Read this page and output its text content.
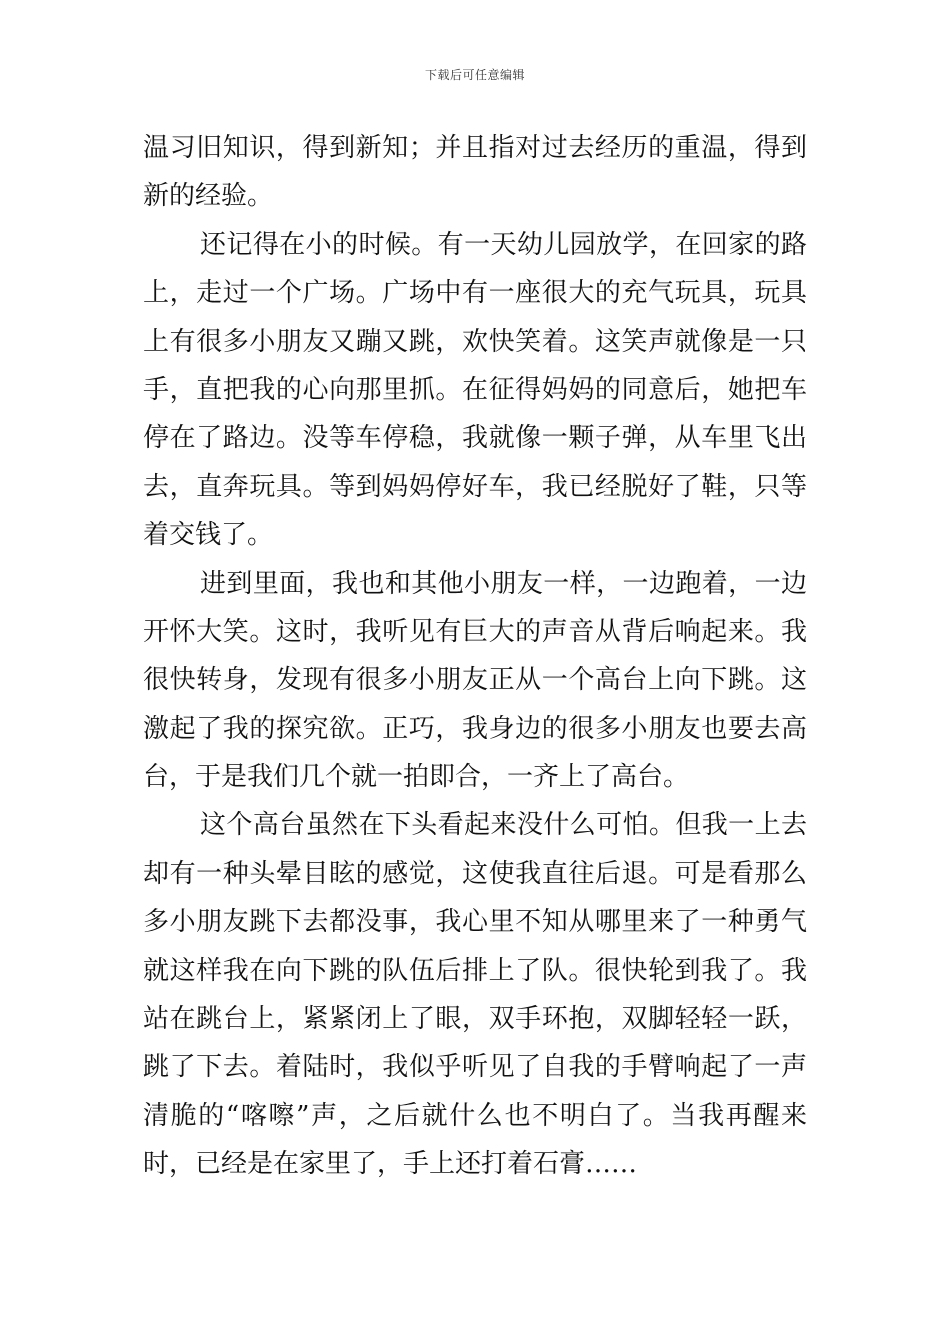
下载后可任意编辑
温习旧知识，得到新知；并且指对过去经历的重温，得到
新的经验。
还记得在小的时候。有一天幼儿园放学，在回家的路
上，走过一个广场。广场中有一座很大的充气玩具，玩具
上有很多小朋友又蹦又跳，欢快笑着。这笑声就像是一只
手，直把我的心向那里抓。在征得妈妈的同意后，她把车
停在了路边。没等车停稳，我就像一颗子弹，从车里飞出
去，直奔玩具。等到妈妈停好车，我已经脱好了鞋，只等
着交钱了。
进到里面，我也和其他小朋友一样，一边跑着，一边
开怀大笑。这时，我听见有巨大的声音从背后响起来。我
很快转身，发现有很多小朋友正从一个高台上向下跳。这
激起了我的探究欲。正巧，我身边的很多小朋友也要去高
台，于是我们几个就一拍即合，一齐上了高台。
这个高台虽然在下头看起来没什么可怕。但我一上去
却有一种头晕目眩的感觉，这使我直往后退。可是看那么
多小朋友跳下去都没事，我心里不知从哪里来了一种勇气
就这样我在向下跳的队伍后排上了队。很快轮到我了。我
站在跳台上，紧紧闭上了眼，双手环抱，双脚轻轻一跃，
跳了下去。着陆时，我似乎听见了自我的手臂响起了一声
清脆的“喀嚓”声，之后就什么也不明白了。当我再醒来
时，已经是在家里了，手上还打着石膏……
